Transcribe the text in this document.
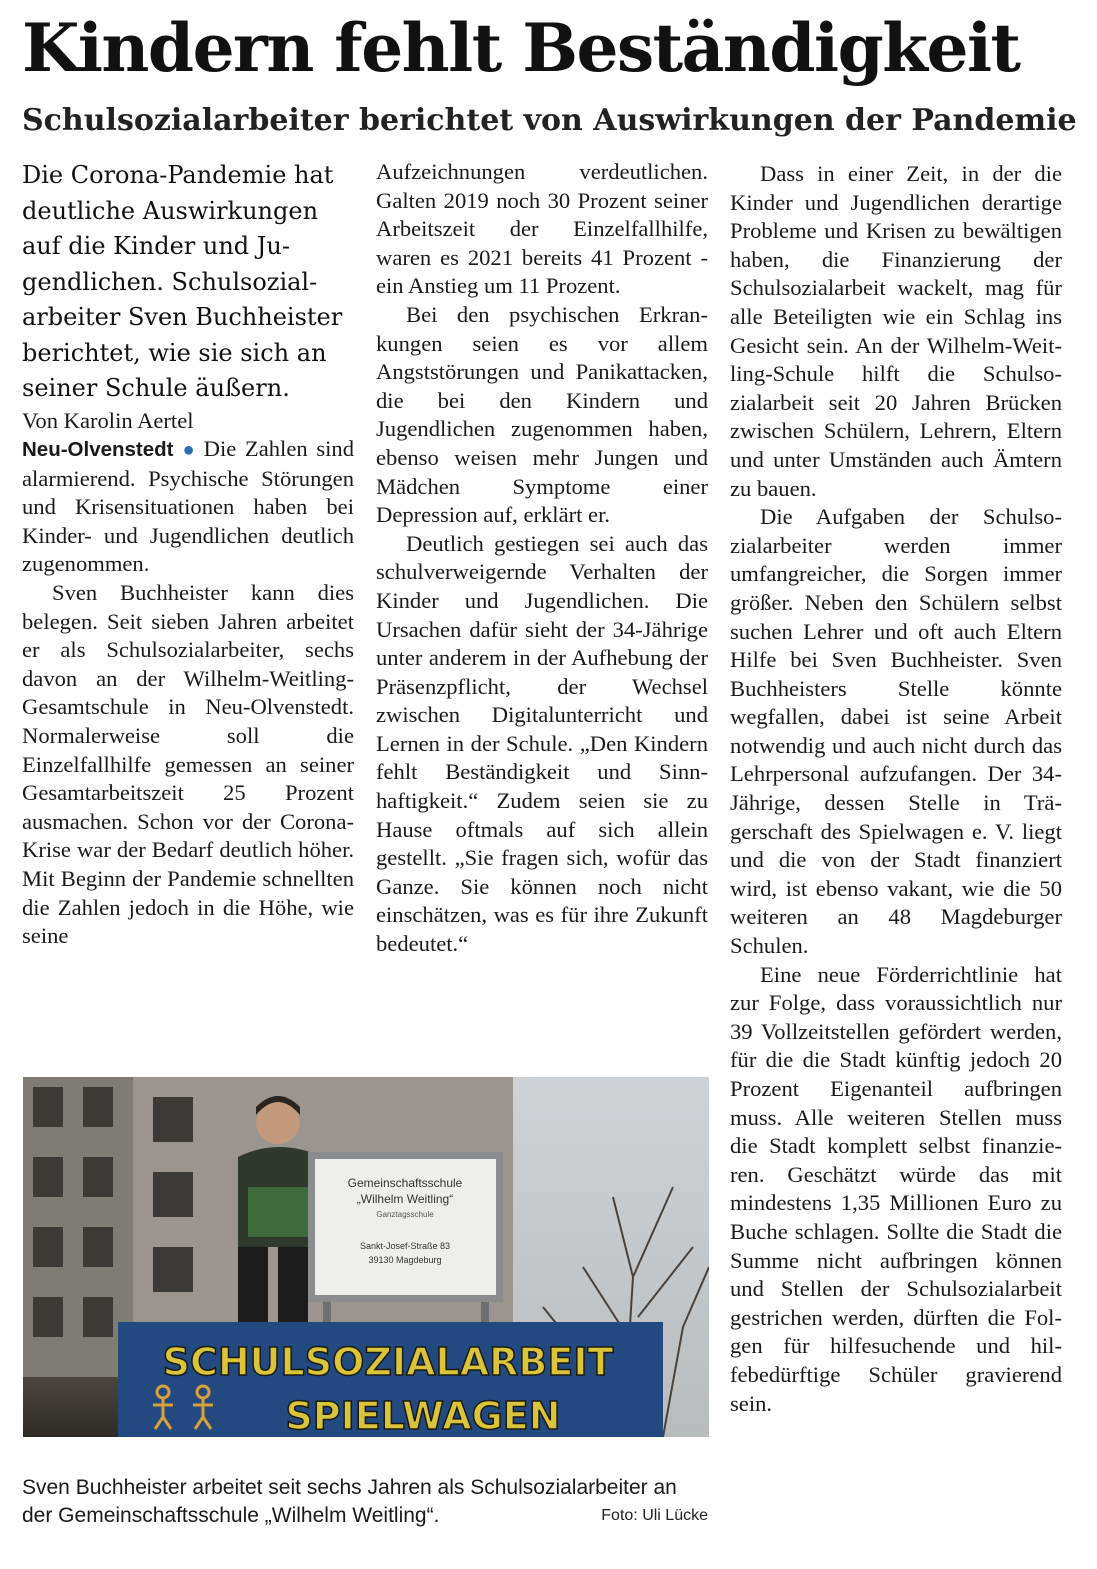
Kindern fehlt Beständigkeit
Schulsozialarbeiter berichtet von Auswirkungen der Pandemie

Die Corona-Pandemie hat deutliche Auswirkungen auf die Kinder und Jugendlichen. Schulsozialarbeiter Sven Buchheister berichtet, wie sie sich an seiner Schule äußern.

Von Karolin Aertel

Neu-Olvenstedt ● Die Zahlen sind alarmierend. Psychische Störungen und Krisensituationen haben bei Kinder- und Jugendlichen deutlich zugenommen.

Sven Buchheister kann dies belegen. Seit sieben Jahren arbeitet er als Schulsozialarbeiter, sechs davon an der Wilhelm-Weitling-Gesamtschule in Neu-Olvenstedt. Normalerweise soll die Einzelfallhilfe gemessen an seiner Gesamtarbeitszeit 25 Prozent ausmachen. Schon vor der Corona-Krise war der Bedarf deutlich höher. Mit Beginn der Pandemie schnellten die Zahlen jedoch in die Höhe, wie seine

Aufzeichnungen verdeutlichen. Galten 2019 noch 30 Prozent seiner Arbeitszeit der Einzelfallhilfe, waren es 2021 bereits 41 Prozent - ein Anstieg um 11 Prozent.

Bei den psychischen Erkrankungen seien es vor allem Angststörungen und Panikattacken, die bei den Kindern und Jugendlichen zugenommen haben, ebenso weisen mehr Jungen und Mädchen Symptome einer Depression auf, erklärt er.

Deutlich gestiegen sei auch das schulverweigernde Verhalten der Kinder und Jugendlichen. Die Ursachen dafür sieht der 34-Jährige unter anderem in der Aufhebung der Präsenzpflicht, der Wechsel zwischen Digitalunterricht und Lernen in der Schule. „Den Kindern fehlt Beständigkeit und Sinnhaftigkeit.“ Zudem seien sie zu Hause oftmals auf sich allein gestellt. „Sie fragen sich, wofür das Ganze. Sie können noch nicht einschätzen, was es für ihre Zukunft bedeutet.“

Dass in einer Zeit, in der die Kinder und Jugendlichen derartige Probleme und Krisen zu bewältigen haben, die Finanzierung der Schulsozialarbeit wackelt, mag für alle Beteiligten wie ein Schlag ins Gesicht sein. An der Wilhelm-Weitling-Schule hilft die Schulsozialarbeit seit 20 Jahren Brücken zwischen Schülern, Lehrern, Eltern und unter Umständen auch Ämtern zu bauen.

Die Aufgaben der Schulsozialarbeiter werden immer umfangreicher, die Sorgen immer größer. Neben den Schülern selbst suchen Lehrer und oft auch Eltern Hilfe bei Sven Buchheister. Sven Buchheisters Stelle könnte wegfallen, dabei ist seine Arbeit notwendig und auch nicht durch das Lehrpersonal aufzufangen. Der 34-Jährige, dessen Stelle in Trägerschaft des Spielwagen e. V. liegt und die von der Stadt finanziert wird, ist ebenso vakant, wie die 50 weiteren an 48 Magdeburger Schulen.

Eine neue Förderrichtlinie hat zur Folge, dass voraussichtlich nur 39 Vollzeitstellen gefördert werden, für die die Stadt künftig jedoch 20 Prozent Eigenanteil aufbringen muss. Alle weiteren Stellen muss die Stadt komplett selbst finanzieren. Geschätzt würde das mit mindestens 1,35 Millionen Euro zu Buche schlagen. Sollte die Stadt die Summe nicht aufbringen können und Stellen der Schulsozialarbeit gestrichen werden, dürften die Folgen für hilfesuchende und hilfebedürftige Schüler gravierend sein.

Gemeinschaftsschule
„Wilhelm Weitling“
Ganztagsschule
Sankt-Josef-Straße 83
39130 Magdeburg
SCHULSOZIALARBEIT
SPIELWAGEN
Sven Buchheister arbeitet seit sechs Jahren als Schulsozialarbeiter an der Gemeinschaftsschule „Wilhelm Weitling“.	Foto: Uli Lücke
